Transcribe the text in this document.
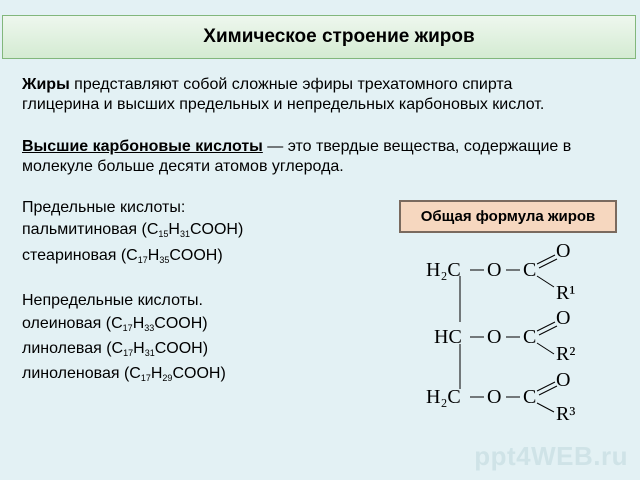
Химическое строение жиров

Жиры представляют собой сложные эфиры трехатомного спирта глицерина и высших предельных и непредельных карбоновых кислот.

Высшие карбоновые кислоты — это твердые вещества, содержащие в молекуле больше десяти атомов углерода.

Предельные кислоты:

пальмитиновая $(C_{15}H_{31}COOH)$

стеариновая $(C_{17}H_{35}COOH)$

Непредельные кислоты.

олеиновая $(C_{17}H_{33}COOH)$

линолевая $(C_{17}H_{31}COOH)$

линоленовая $(C_{17}H_{29}COOH)$

Общая формула жиров
H₂C O C
O
R¹
HC O C
O
R²
H₂C O C
O
R³
ppt4WEB.ru
